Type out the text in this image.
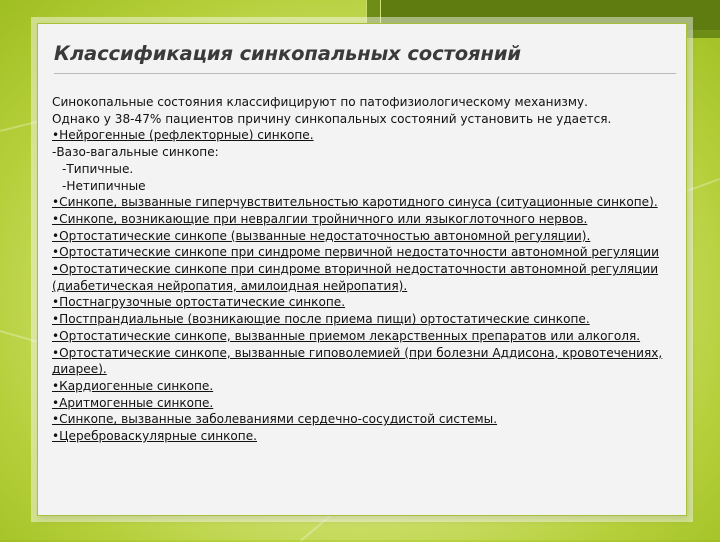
Классификация синкопальных состояний
Синокопальные состояния классифицируют по патофизиологическому механизму.
Однако у 38-47% пациентов причину синкопальных состояний установить не удается.
•Нейрогенные (рефлекторные) синкопе.
-Вазо-вагальные синкопе:
-Типичные.
-Нетипичные
•Синкопе, вызванные гиперчувствительностью каротидного синуса (ситуационные синкопе).
•Синкопе, возникающие при невралгии тройничного или языкоглоточного нервов.
•Ортостатические синкопе (вызванные недостаточностью автономной регуляции).
•Ортостатические синкопе при синдроме первичной недостаточности автономной регуляции
•Ортостатические синкопе при синдроме вторичной недостаточности автономной регуляции (диабетическая нейропатия, амилоидная нейропатия).
•Постнагрузочные ортостатические синкопе.
•Постпрандиальные (возникающие после приема пищи) ортостатические синкопе.
•Ортостатические синкопе, вызванные приемом лекарственных препаратов или алкоголя.
•Ортостатические синкопе, вызванные гиповолемией (при болезни Аддисона, кровотечениях, диарее).
•Кардиогенные синкопе.
•Аритмогенные синкопе.
•Синкопе, вызванные заболеваниями сердечно-сосудистой системы.
•Цереброваскулярные синкопе.
